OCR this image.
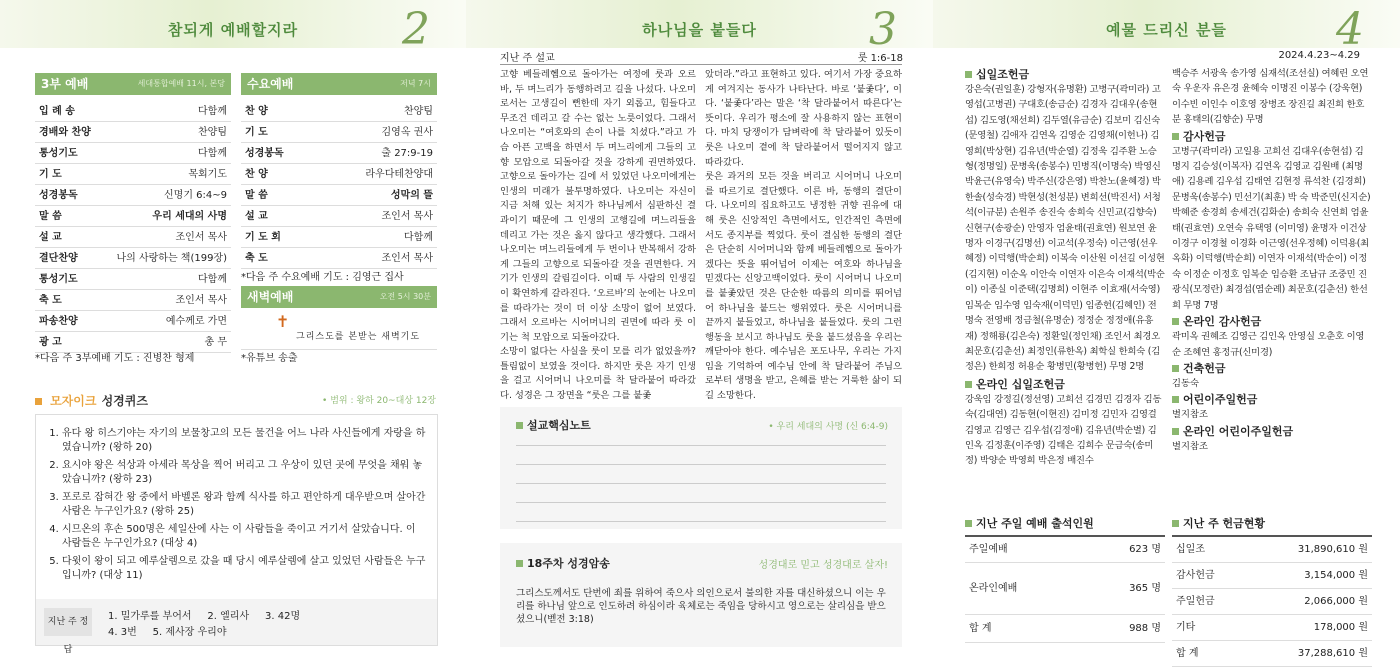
참되게 예배할지라	2
3부 예배	세대통합예배 11시, 본당
입 례 송	다함께
경배와 찬양	찬양팀
통성기도	다함께
기 도	목회기도
성경봉독	신명기 6:4~9
말 씀	우리 세대의 사명
설 교	조인서 목사
결단찬양	나의 사랑하는 책(199장)
통성기도	다함께
축 도	조인서 목사
파송찬양	예수께로 가면
광 고	총 무
*다음 주 3부예배 기도 : 진병찬 형제
수요예배	저녁 7시
찬 양	찬양팀
기 도	김영옥 권사
성경봉독	출 27:9-19
찬 양	라우다테찬양대
말 씀	성막의 뜰
설 교	조인서 목사
기 도 회	다함께
축 도	조인서 목사
*다음 주 수요예배 기도 : 김영근 집사
새벽예배	오전 5시 30분
✝
그리스도를 본받는 새벽기도
*유튜브 송출
모자이크 성경퀴즈	• 범위 : 왕하 20~대상 12장
1. 유다 왕 히스기야는 자기의 보물창고의 모든 물건을 어느 나라 사신들에게 자랑을 하였습니까? (왕하 20)
2. 요시야 왕은 석상과 아세라 목상을 찍어 버리고 그 우상이 있던 곳에 무엇을 채워 놓았습니까? (왕하 23)
3. 포로로 잡혀간 왕 중에서 바벨론 왕과 함께 식사를 하고 편안하게 대우받으며 살아간 사람은 누구인가요? (왕하 25)
4. 시므온의 후손 500명은 세일산에 사는 이 사람들을 죽이고 거기서 살았습니다. 이 사람들은 누구인가요? (대상 4)
5. 다윗이 왕이 되고 예루살렘으로 갔을 때 당시 예루살렘에 살고 있었던 사람들은 누구입니까? (대상 11)
지난 주 정답
1. 밀가루를 부어서     2. 엘리사     3. 42명
4. 3번     5. 제사장 우리야
하나님을 붙들다	3
지난 주 설교	룻 1:6-18
고향 베들레헴으로 돌아가는 여정에 룻과 오르바, 두 며느리가 동행하려고 길을 나섰다. 나오미로서는 고생길이 뻔한데 자기 외롭고, 힘들다고 무조건 데리고 갈 수는 없는 노릇이었다. 그래서 나오미는 “여호와의 손이 나를 치셨다.”라고 가슴 아픈 고백을 하면서 두 며느리에게 그들의 고향 모압으로 되돌아갈 것을 강하게 권면하였다. 고향으로 돌아가는 길에 서 있었던 나오미에게는 인생의 미래가 불투명하였다. 나오미는 자신이 지금 처해 있는 처지가 하나님께서 심판하신 결과이기 때문에 그 인생의 고행길에 며느리들을 데리고 가는 것은 옳지 않다고 생각했다. 그래서 나오미는 며느리들에게 두 번이나 반복해서 강하게 그들의 고향으로 되돌아갈 것을 권면한다. 거기가 인생의 갈림길이다. 이때 두 사람의 인생길이 확연하게 갈라진다. ‘오르바’의 눈에는 나오미를 따라가는 것이 더 이상 소망이 없어 보였다. 그래서 오르바는 시어머니의 권면에 따라 룻 이기는 척 모압으로 되돌아갔다.
소망이 없다는 사실을 룻이 모를 리가 없었을까? 틀림없이 보였을 것이다. 하지만 룻은 자기 인생을 걸고 시어머니 나오미를 착 달라붙어 따라갔다. 성경은 그 장면을 “룻은 그를 붙좇
았더라.”라고 표현하고 있다. 여기서 가장 중요하게 여겨지는 동사가 나타난다. 바로 ‘붙좇다’, 이다. ‘붙좇다’라는 말은 ‘착 달라붙어서 따른다’는 뜻이다. 우리가 평소에 잘 사용하지 않는 표현이다. 마치 당쟁이가 담벼락에 착 달라붙어 있듯이 룻은 나오미 곁에 착 달라붙어서 떨어지지 않고 따라갔다.
룻은 과거의 모든 것을 버리고 시어머니 나오미를 따르기로 결단했다. 이른 바, 동행의 결단이다. 나오미의 집요하고도 냉정한 귀향 권유에 대해 룻은 신앙적인 측면에서도, 인간적인 측면에서도 종지부를 찍었다. 룻이 결심한 동행의 결단은 단순히 시어머니와 함께 베들레헴으로 돌아가겠다는 뜻을 뛰어넘어 이제는 여호와 하나님을 믿겠다는 신앙고백이었다. 룻이 시어머니 나오미를 붙좇았던 것은 단순한 따름의 의미를 뛰어넘어 하나님을 붙드는 행위였다. 룻은 시어머니를 끝까지 붙들었고, 하나님을 붙들었다. 룻의 그런 행동을 보시고 하나님도 룻을 붙드셨음을 우리는 깨닫아야 한다. 예수님은 포도나무, 우리는 가지임을 기억하여 예수님 안에 착 달라붙어 주님으로부터 생명을 받고, 은혜를 받는 거룩한 삶이 되길 소망한다.
설교핵심노트	• 우리 세대의 사명 (신 6:4-9)
18주차 성경암송	성경대로 믿고 성경대로 살자!
그리스도께서도 단번에 죄를 위하여 죽으사 의인으로서 불의한 자를 대신하셨으니 이는 우리를 하나님 앞으로 인도하려 하심이라 육체로는 죽임을 당하시고 영으로는 살리심을 받으셨으니(벧전 3:18)
예물 드리신 분들	4
2024.4.23~4.29
십일조헌금
강은숙(권일훈) 강형자(유명환) 고병구(곽미라) 고영섭(고병권) 구대호(송금순) 김경자 김대우(송현섭) 김도영(채선희) 김두열(유금순) 김보미 김신숙(문영철) 김애자 김연옥 김영순 김영채(이헌나) 김영희(박상현) 김유년(박순열) 김정욱 김주환 노승형(정명일) 문병욱(송봉수) 민병직(이명숙) 박영신 박윤근(유영숙) 박주신(강은영) 박찬노(윤혜경) 박한솔(성숙경) 박현성(천성분) 변희선(박진서) 서청석(이규분) 손원주 송진숙 송희숙 신민교(김향숙) 신현구(송광순) 안영자 엄윤태(권효연) 원보연 윤명자 이경구(김명선) 이교석(우정숙) 이근영(선우혜정) 이덕행(박순희) 이복숙 이산원 이선길 이성현(김지현) 이순옥 이안숙 이연자 이은숙 이재석(박순이) 이종실 이준택(김명희) 이현주 이효재(서숙영) 임복순 임수영 임숙재(이덕민) 임종헌(김혜인) 전명숙 전영배 정금철(유명순) 정정순 정정애(유흥재) 정해룡(김은숙) 정환일(정인채) 조인서 최경오 최문호(김춘선) 최정인(류한옥) 최학실 한희숙 (김정은) 한희정 허용순 황병민(황병헌) 무명 2명
온라인 십일조헌금
강욱임 강정길(정선영) 고희선 김경민 김경자 김동숙(김대연) 김동현(이현진) 김미정 김민자 김영걸 김영교 김영근 김우섭(김정애) 김유년(박순별) 김인옥 김정훈(이주영) 김태은 김희수 문금숙(송미정) 박양순 박영희 박은정 배진수
백승주 서광욱 송가영 심재석(조선실) 여혜린 오연숙 우운자 유은경 윤혜숙 이명진 이봉수 (강욱현) 이수빈 이인수 이호영 장병조 장진길 최진희 한호분 홍태의(김향순) 무명
감사헌금
고병구(곽미라) 고일용 고희선 김대우(송현섭) 김명지 김승성(이복자) 김연옥 김영교 김원배 (최명애) 김용례 김우섭 김태연 김현정 류석찬 (김경희) 문병욱(송봉수) 민선기(최훈) 박 숙 박준민(신지순) 박혜준 송경희 송세건(김화순) 송희숙 신연희 엄윤태(권효연) 오연숙 유택영 (이미영) 윤명자 이건상 이경구 이경철 이경화 이근영(선우정혜) 이덕용(최옥화) 이덕행(박순희) 이연자 이재석(박순이) 이정숙 이정순 이정호 임복순 임승환 조남규 조중민 진광식(모정란) 최경섭(염순례) 최문호(김춘선) 한선희 무명 7명
온라인 감사헌금
곽미옥 권혜조 김영근 김인옥 안영실 오춘호 이영순 조혜연 홍정규(신미경)
건축헌금
김동숙
어린이주일헌금
별지참조
온라인 어린이주일헌금
별지참조
지난 주일 예배 출석인원
주일예배	623 명
온라인예배	365 명
합 계	988 명
지난 주 헌금현황
십일조	31,890,610 원
감사헌금	3,154,000 원
주일헌금	2,066,000 원
기타	178,000 원
합 계	37,288,610 원
